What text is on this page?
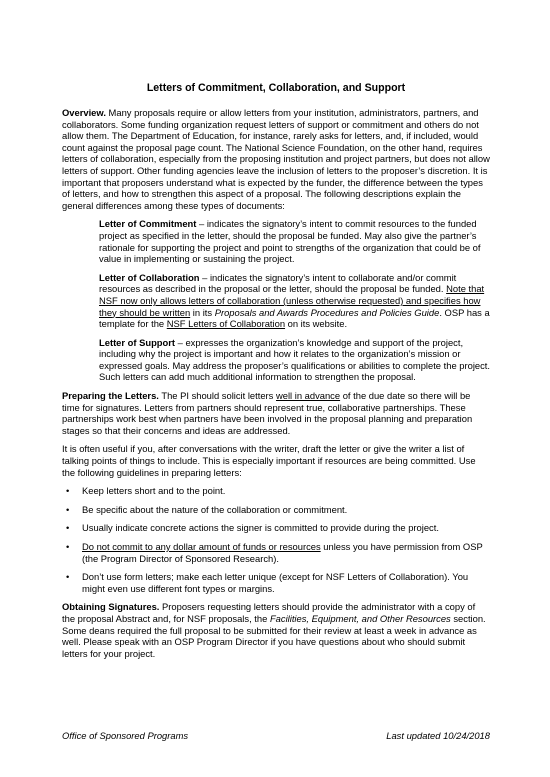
Letters of Commitment, Collaboration, and Support

Overview. Many proposals require or allow letters from your institution, administrators, partners, and collaborators. Some funding organization request letters of support or commitment and others do not allow them. The Department of Education, for instance, rarely asks for letters, and, if included, would count against the proposal page count. The National Science Foundation, on the other hand, requires letters of collaboration, especially from the proposing institution and project partners, but does not allow letters of support. Other funding agencies leave the inclusion of letters to the proposer’s discretion. It is important that proposers understand what is expected by the funder, the difference between the types of letters, and how to strengthen this aspect of a proposal. The following descriptions explain the general differences among these types of documents:

Letter of Commitment – indicates the signatory’s intent to commit resources to the funded project as specified in the letter, should the proposal be funded. May also give the partner’s rationale for supporting the project and point to strengths of the organization that could be of value in implementing or sustaining the project.

Letter of Collaboration – indicates the signatory’s intent to collaborate and/or commit resources as described in the proposal or the letter, should the proposal be funded. Note that NSF now only allows letters of collaboration (unless otherwise requested) and specifies how they should be written in its Proposals and Awards Procedures and Policies Guide. OSP has a template for the NSF Letters of Collaboration on its website.

Letter of Support – expresses the organization’s knowledge and support of the project, including why the project is important and how it relates to the organization’s mission or expressed goals. May address the proposer’s qualifications or abilities to complete the project. Such letters can add much additional information to strengthen the proposal.

Preparing the Letters. The PI should solicit letters well in advance of the due date so there will be time for signatures. Letters from partners should represent true, collaborative partnerships. These partnerships work best when partners have been involved in the proposal planning and preparation stages so that their concerns and ideas are addressed.

It is often useful if you, after conversations with the writer, draft the letter or give the writer a list of talking points of things to include. This is especially important if resources are being committed. Use the following guidelines in preparing letters:

• Keep letters short and to the point.
• Be specific about the nature of the collaboration or commitment.
• Usually indicate concrete actions the signer is committed to provide during the project.
• Do not commit to any dollar amount of funds or resources unless you have permission from OSP (the Program Director of Sponsored Research).
• Don’t use form letters; make each letter unique (except for NSF Letters of Collaboration). You might even use different font types or margins.

Obtaining Signatures. Proposers requesting letters should provide the administrator with a copy of the proposal Abstract and, for NSF proposals, the Facilities, Equipment, and Other Resources section. Some deans required the full proposal to be submitted for their review at least a week in advance as well. Please speak with an OSP Program Director if you have questions about who should submit letters for your project.

Office of Sponsored Programs	Last updated 10/24/2018
